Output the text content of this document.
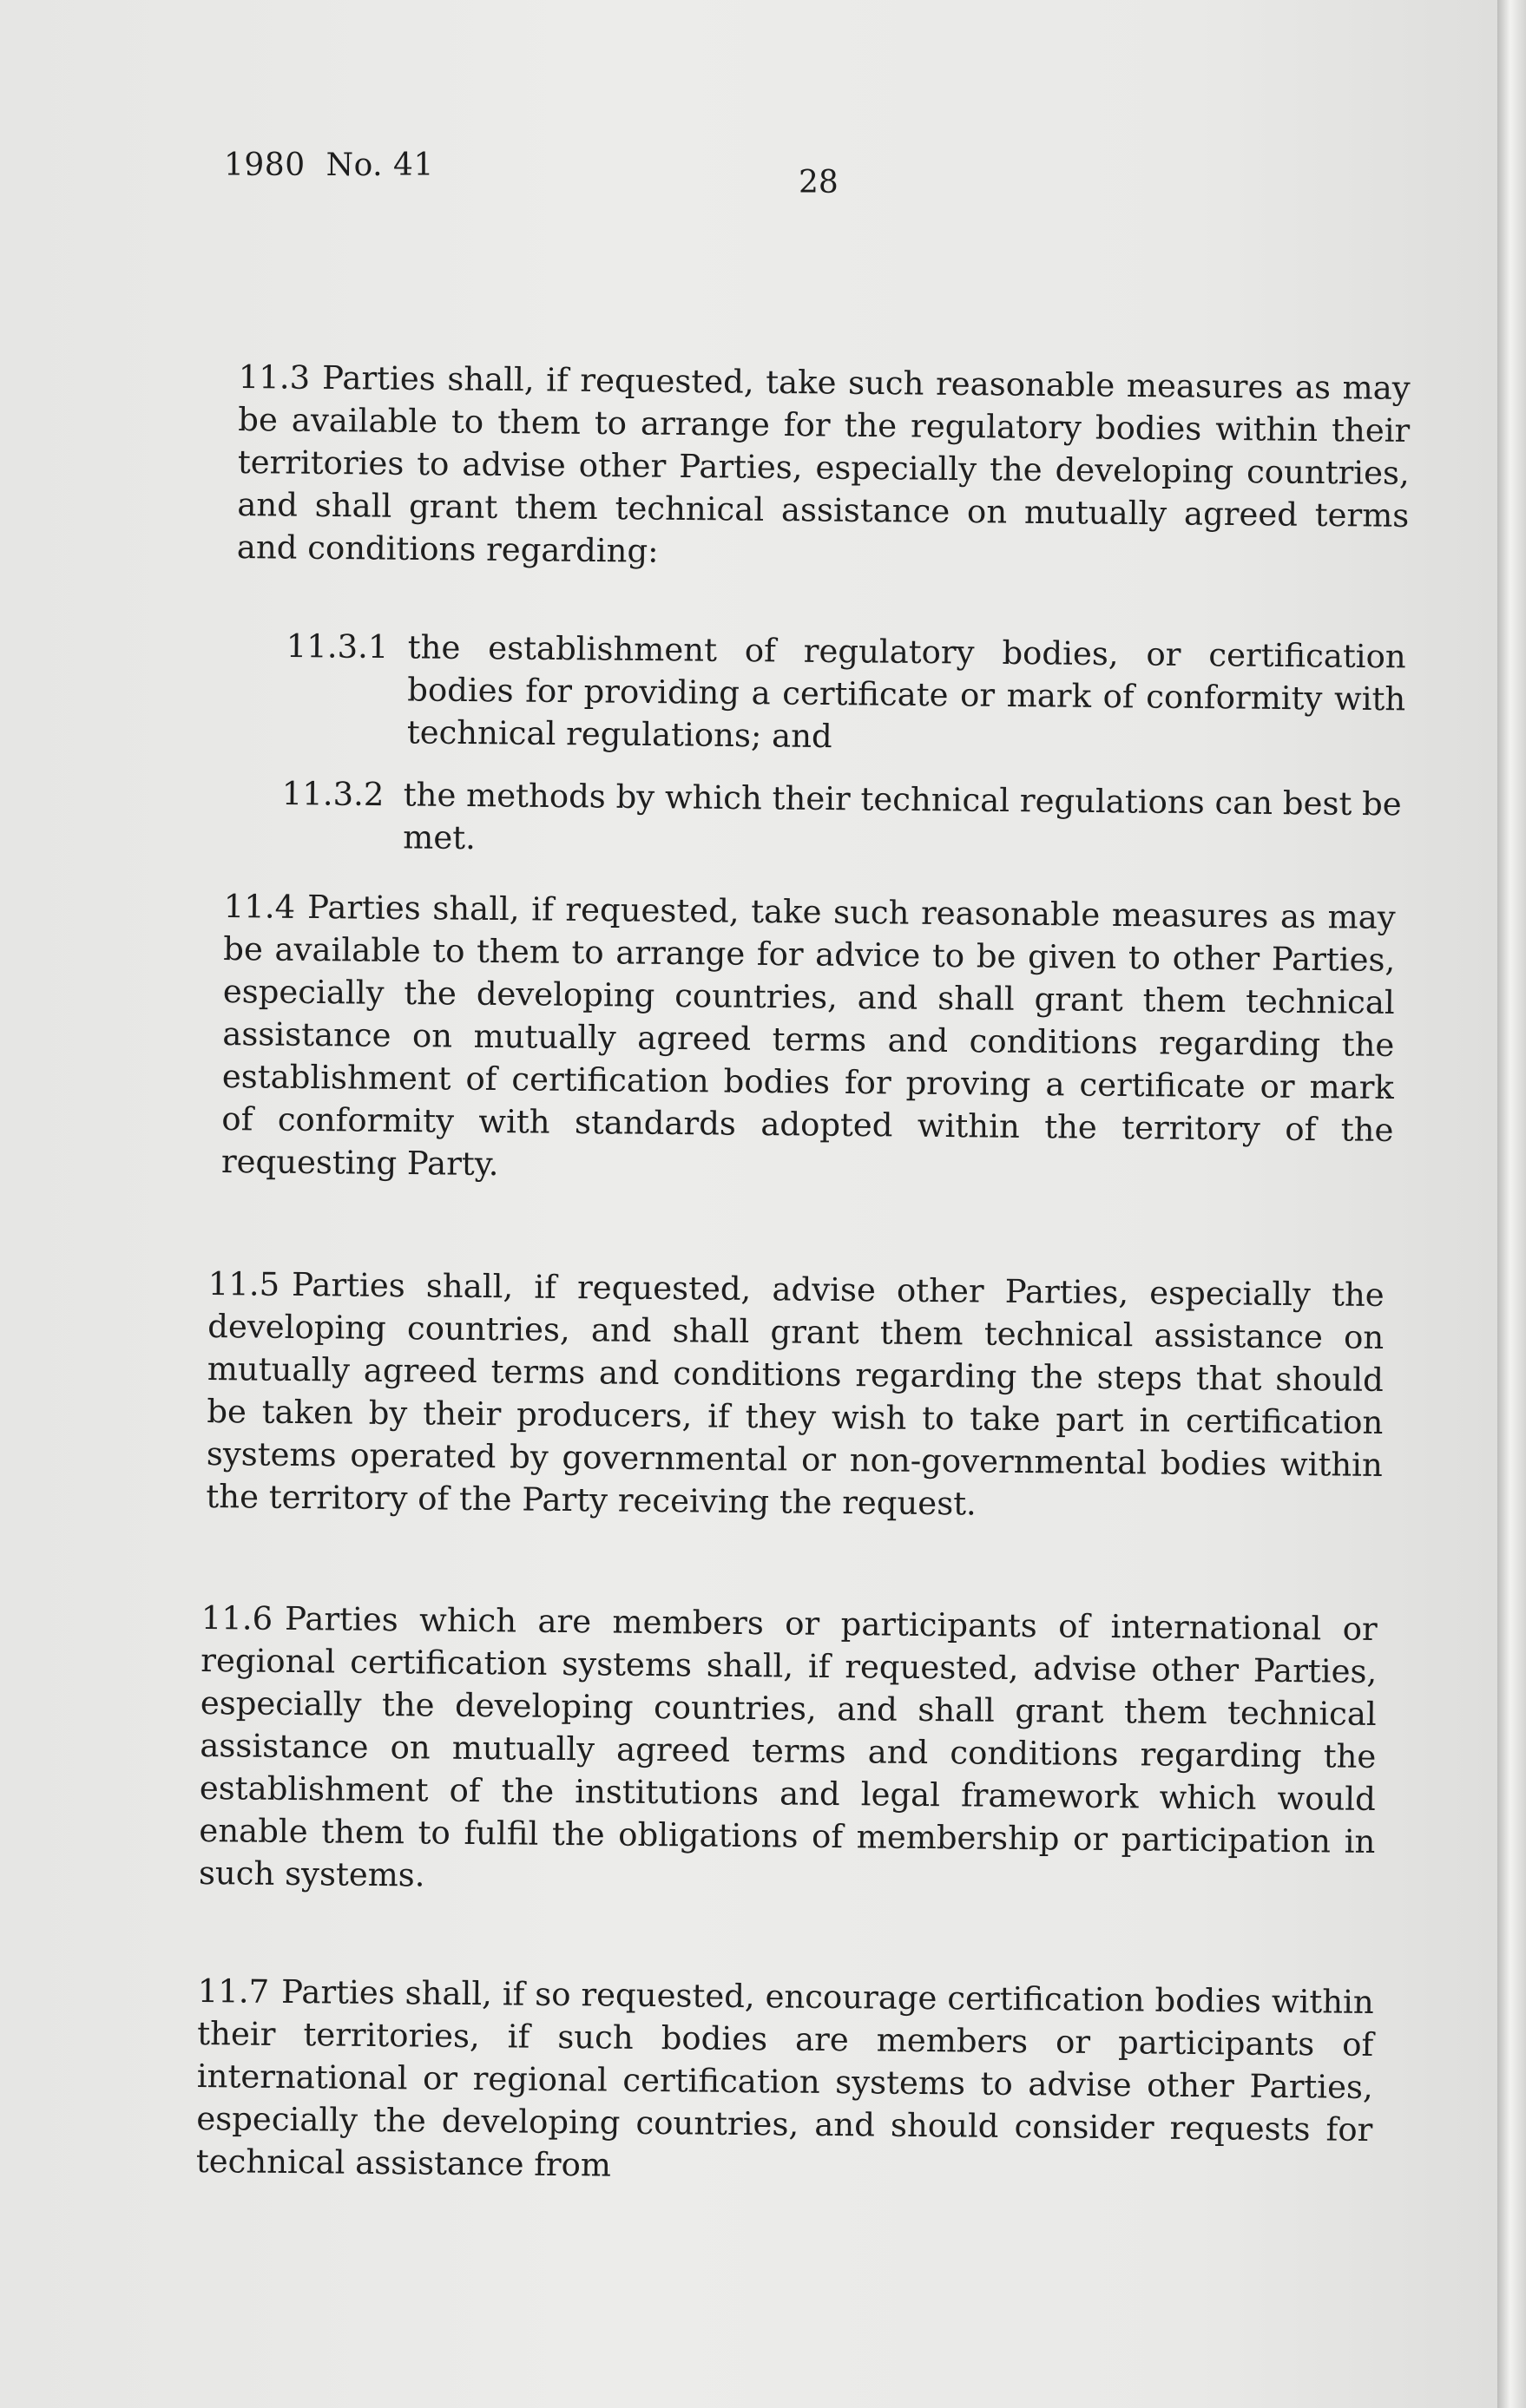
1980 No. 41	28

11.3 Parties shall, if requested, take such reasonable measures as may be available to them to arrange for the regulatory bodies within their territories to advise other Parties, especially the developing countries, and shall grant them technical assistance on mutually agreed terms and conditions regarding:

11.3.1 the establishment of regulatory bodies, or certification bodies for providing a certificate or mark of conformity with technical regulations; and
11.3.2 the methods by which their technical regulations can best be met.

11.4 Parties shall, if requested, take such reasonable measures as may be available to them to arrange for advice to be given to other Parties, especially the developing countries, and shall grant them technical assistance on mutually agreed terms and conditions regarding the establishment of certification bodies for proving a certificate or mark of conformity with standards adopted within the territory of the requesting Party.

11.5 Parties shall, if requested, advise other Parties, especially the developing countries, and shall grant them technical assistance on mutually agreed terms and conditions regarding the steps that should be taken by their producers, if they wish to take part in certification systems operated by governmental or non-governmental bodies within the territory of the Party receiving the request.

11.6 Parties which are members or participants of international or regional certification systems shall, if requested, advise other Parties, especially the developing countries, and shall grant them technical assistance on mutually agreed terms and conditions regarding the establishment of the institutions and legal framework which would enable them to fulfil the obligations of membership or participation in such systems.

11.7 Parties shall, if so requested, encourage certification bodies within their territories, if such bodies are members or participants of international or regional certification systems to advise other Parties, especially the developing countries, and should consider requests for technical assistance from
